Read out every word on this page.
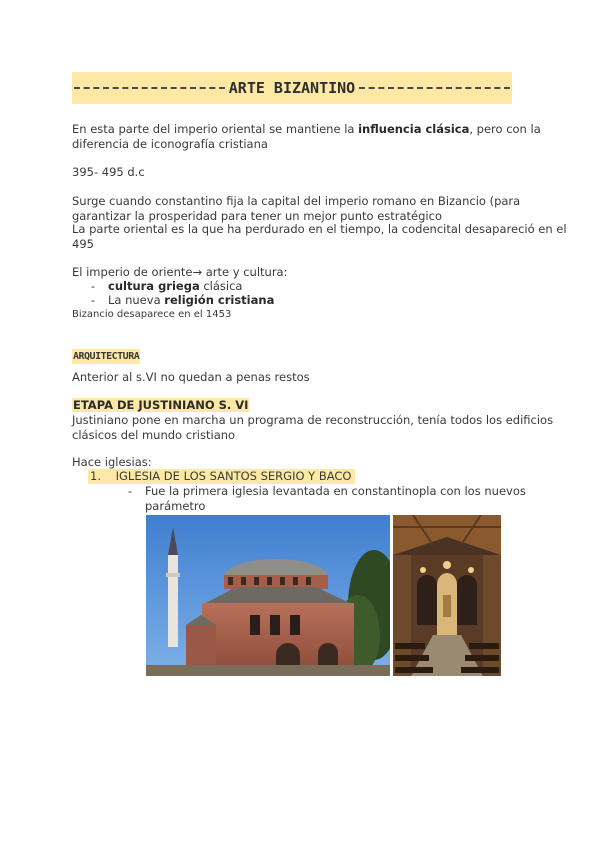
ARTE BIZANTINO

En esta parte del imperio oriental se mantiene la influencia clásica, pero con la diferencia de iconografía cristiana

395- 495 d.c

Surge cuando constantino fija la capital del imperio romano en Bizancio (para garantizar la prosperidad para tener un mejor punto estratégico

La parte oriental es la que ha perdurado en el tiempo, la codencital desapareció en el 495

El imperio de oriente→ arte y cultura:

- cultura griega clásica
- La nueva religión cristiana

Bizancio desaparece en el 1453

ARQUITECTURA

Anterior al s.VI no quedan a penas restos

ETAPA DE JUSTINIANO S. VI

Justiniano pone en marcha un programa de reconstrucción, tenía todos los edificios clásicos del mundo cristiano

Hace iglesias:

1. IGLESIA DE LOS SANTOS SERGIO Y BACO
- Fue la primera iglesia levantada en constantinopla con los nuevos parámetro
